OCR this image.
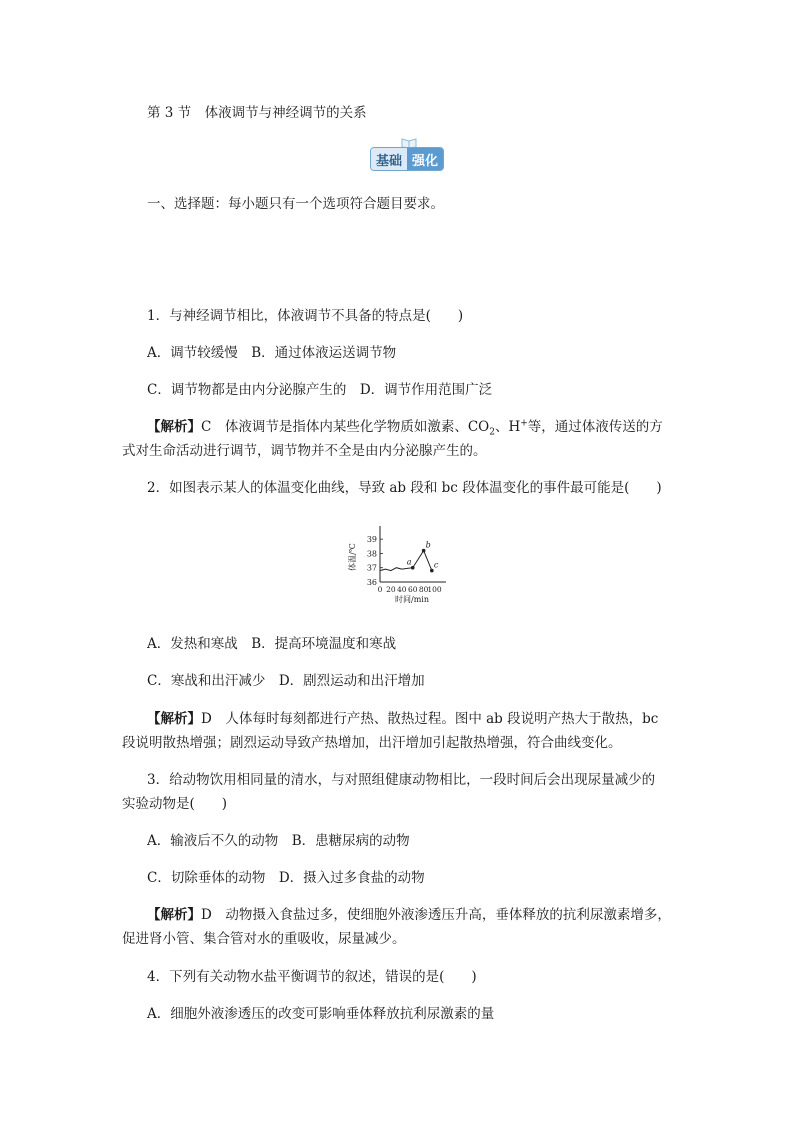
第 3 节　体液调节与神经调节的关系
基础 强化
一、选择题：每小题只有一个选项符合题目要求。
1．与神经调节相比，体液调节不具备的特点是(　　)
A．调节较缓慢　B．通过体液运送调节物
C．调节物都是由内分泌腺产生的　D．调节作用范围广泛
【解析】C　体液调节是指体内某些化学物质如激素、$CO_2$、H+等，通过体液传送的方
式对生命活动进行调节，调节物并不全是由内分泌腺产生的。
2．如图表示某人的体温变化曲线，导致 ab 段和 bc 段体温变化的事件最可能是(　　)
36
37
38
39
0 20 40 60 80
100
时间/min
体温/℃	a
b
c
A．发热和寒战　B．提高环境温度和寒战
C．寒战和出汗减少　D．剧烈运动和出汗增加
【解析】D　人体每时每刻都进行产热、散热过程。图中 ab 段说明产热大于散热，bc
段说明散热增强；剧烈运动导致产热增加，出汗增加引起散热增强，符合曲线变化。
3．给动物饮用相同量的清水，与对照组健康动物相比，一段时间后会出现尿量减少的
实验动物是(　　)
A．输液后不久的动物　B．患糖尿病的动物
C．切除垂体的动物　D．摄入过多食盐的动物
【解析】D　动物摄入食盐过多，使细胞外液渗透压升高，垂体释放的抗利尿激素增多，
促进肾小管、集合管对水的重吸收，尿量减少。
4．下列有关动物水盐平衡调节的叙述，错误的是(　　)
A．细胞外液渗透压的改变可影响垂体释放抗利尿激素的量
